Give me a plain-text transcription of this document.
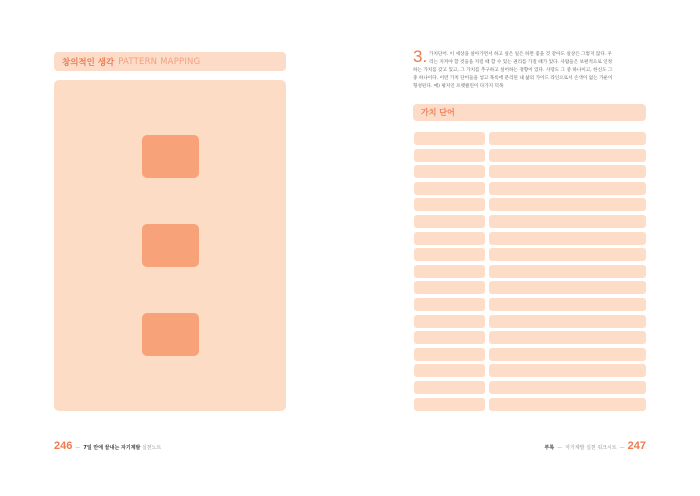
창의적인 생각 PATTERN MAPPING
246 — 7일 만에 끝내는 자기계발 실천노트
3. 가치단어. 이 세상을 살아가면서 하고 싶은 일은 하면 좋을 것 같아도 실상은 그렇지 않다. 우
리는 지켜야 할 것들을 지킬 때 할 수 있는 권리를 가질 때가 있다. 사람들은 보편적으로 인정
하는 가치를 갖고 있고, 그 가치를 추구하고 싶어하는 경향이 있다. 사랑도 그 중 하나이고, 한신도 그
중 하나이다. 이런 가치 단어들을 넣고 목록에 분리된 내 삶의 가이드 라인으로서 손색이 없는 가운이
형성된다. 예) 평지인 포맷클린이 다가지 덕목
가치 단어
부록 — 자기계발 실천 워크시트 — 247
